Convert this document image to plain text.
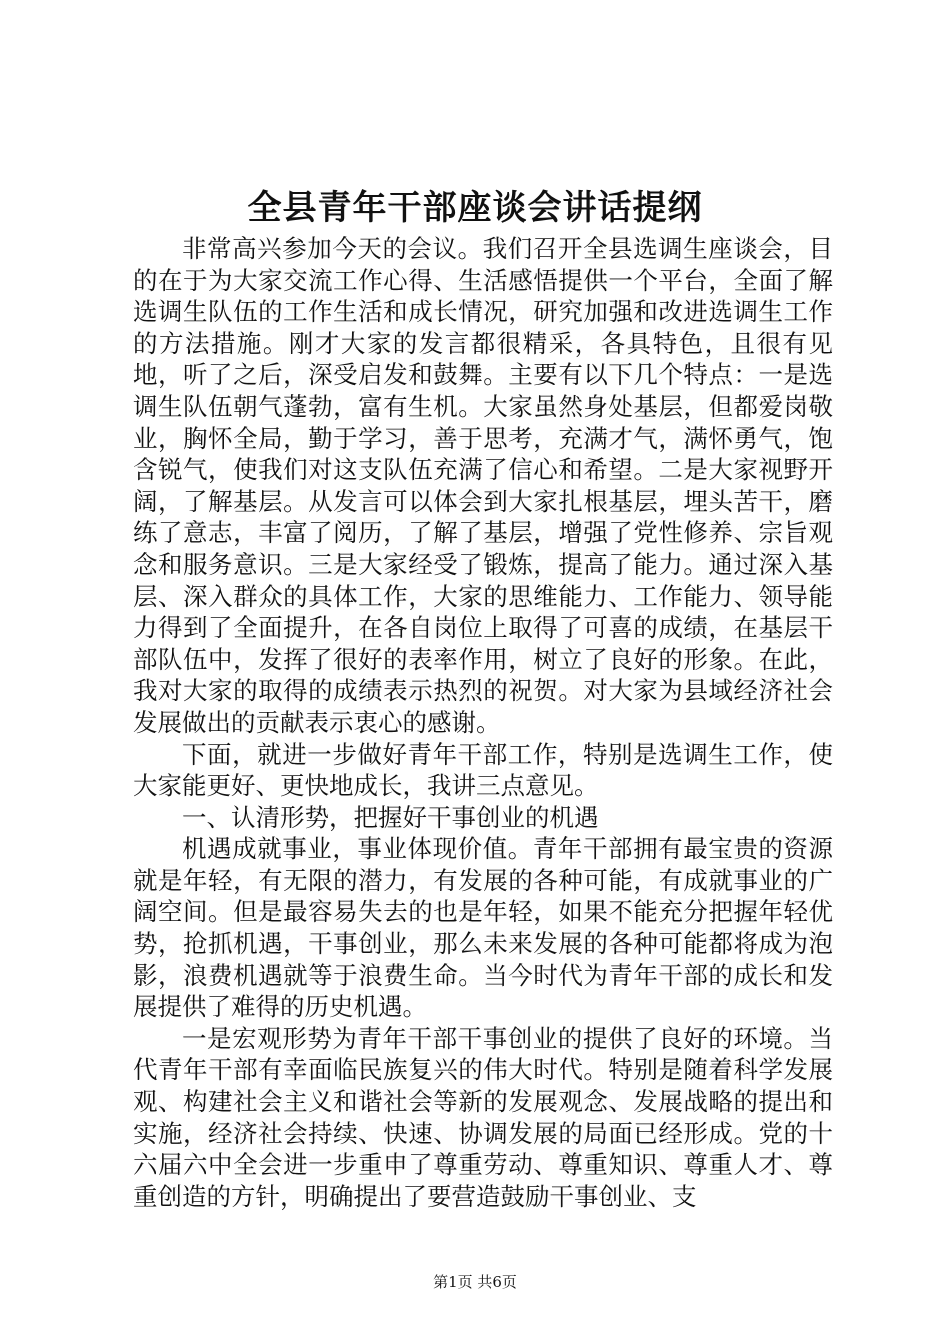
全县青年干部座谈会讲话提纲

非常高兴参加今天的会议。我们召开全县选调生座谈会，目的在于为大家交流工作心得、生活感悟提供一个平台，全面了解选调生队伍的工作生活和成长情况，研究加强和改进选调生工作的方法措施。刚才大家的发言都很精采，各具特色，且很有见地，听了之后，深受启发和鼓舞。主要有以下几个特点：一是选调生队伍朝气蓬勃，富有生机。大家虽然身处基层，但都爱岗敬业，胸怀全局，勤于学习，善于思考，充满才气，满怀勇气，饱含锐气，使我们对这支队伍充满了信心和希望。二是大家视野开阔，了解基层。从发言可以体会到大家扎根基层，埋头苦干，磨练了意志，丰富了阅历，了解了基层，增强了党性修养、宗旨观念和服务意识。三是大家经受了锻炼，提高了能力。通过深入基层、深入群众的具体工作，大家的思维能力、工作能力、领导能力得到了全面提升，在各自岗位上取得了可喜的成绩，在基层干部队伍中，发挥了很好的表率作用，树立了良好的形象。在此，我对大家的取得的成绩表示热烈的祝贺。对大家为县域经济社会发展做出的贡献表示衷心的感谢。

下面，就进一步做好青年干部工作，特别是选调生工作，使大家能更好、更快地成长，我讲三点意见。

一、认清形势，把握好干事创业的机遇

机遇成就事业，事业体现价值。青年干部拥有最宝贵的资源就是年轻，有无限的潜力，有发展的各种可能，有成就事业的广阔空间。但是最容易失去的也是年轻，如果不能充分把握年轻优势，抢抓机遇，干事创业，那么未来发展的各种可能都将成为泡影，浪费机遇就等于浪费生命。当今时代为青年干部的成长和发展提供了难得的历史机遇。

一是宏观形势为青年干部干事创业的提供了良好的环境。当代青年干部有幸面临民族复兴的伟大时代。特别是随着科学发展观、构建社会主义和谐社会等新的发展观念、发展战略的提出和实施，经济社会持续、快速、协调发展的局面已经形成。党的十六届六中全会进一步重申了尊重劳动、尊重知识、尊重人才、尊重创造的方针，明确提出了要营造鼓励干事创业、支

第1页 共6页
